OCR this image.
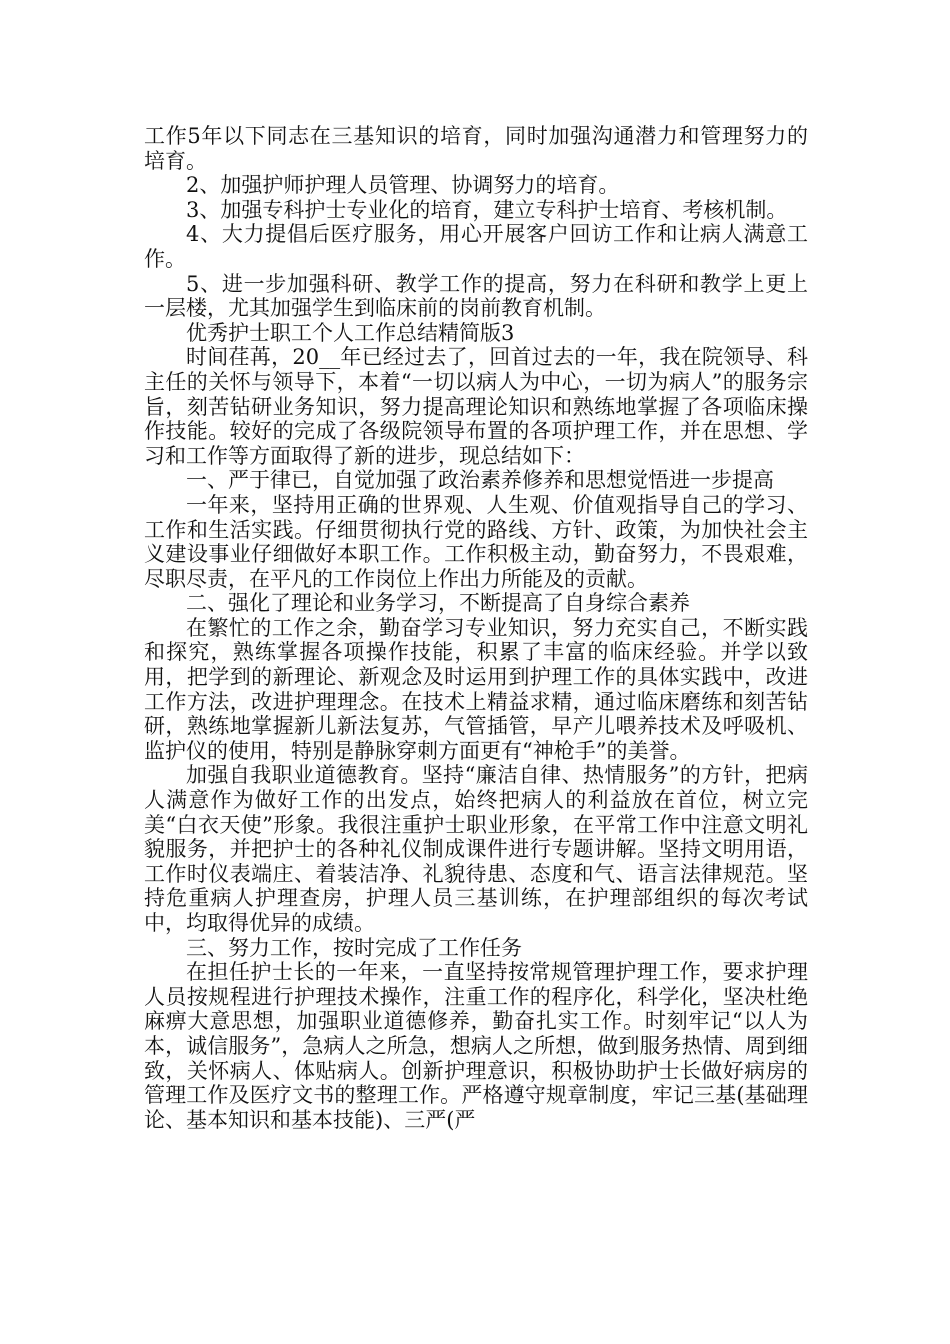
工作5年以下同志在三基知识的培育，同时加强沟通潜力和管理努力的培育。

2、加强护师护理人员管理、协调努力的培育。

3、加强专科护士专业化的培育，建立专科护士培育、考核机制。

4、大力提倡后医疗服务，用心开展客户回访工作和让病人满意工作。

5、进一步加强科研、教学工作的提高，努力在科研和教学上更上一层楼，尤其加强学生到临床前的岗前教育机制。

优秀护士职工个人工作总结精简版3

时间荏苒，20__年已经过去了，回首过去的一年，我在院领导、科主任的关怀与领导下，本着“一切以病人为中心，一切为病人”的服务宗旨，刻苦钻研业务知识，努力提高理论知识和熟练地掌握了各项临床操作技能。较好的完成了各级院领导布置的各项护理工作，并在思想、学习和工作等方面取得了新的进步，现总结如下：

一、严于律已，自觉加强了政治素养修养和思想觉悟进一步提高

一年来，坚持用正确的世界观、人生观、价值观指导自己的学习、工作和生活实践。仔细贯彻执行党的路线、方针、政策，为加快社会主义建设事业仔细做好本职工作。工作积极主动，勤奋努力，不畏艰难，尽职尽责，在平凡的工作岗位上作出力所能及的贡献。

二、强化了理论和业务学习，不断提高了自身综合素养

在繁忙的工作之余，勤奋学习专业知识，努力充实自己，不断实践和探究，熟练掌握各项操作技能，积累了丰富的临床经验。并学以致用，把学到的新理论、新观念及时运用到护理工作的具体实践中，改进工作方法，改进护理理念。在技术上精益求精，通过临床磨练和刻苦钻研，熟练地掌握新儿新法复苏，气管插管，早产儿喂养技术及呼吸机、监护仪的使用，特别是静脉穿刺方面更有“神枪手”的美誉。

加强自我职业道德教育。坚持“廉洁自律、热情服务”的方针，把病人满意作为做好工作的出发点，始终把病人的利益放在首位，树立完美“白衣天使”形象。我很注重护士职业形象，在平常工作中注意文明礼貌服务，并把护士的各种礼仪制成课件进行专题讲解。坚持文明用语，工作时仪表端庄、着装洁净、礼貌待患、态度和气、语言法律规范。坚持危重病人护理查房，护理人员三基训练，在护理部组织的每次考试中，均取得优异的成绩。

三、努力工作，按时完成了工作任务

在担任护士长的一年来，一直坚持按常规管理护理工作，要求护理人员按规程进行护理技术操作，注重工作的程序化，科学化，坚决杜绝麻痹大意思想，加强职业道德修养，勤奋扎实工作。时刻牢记“以人为本，诚信服务”，急病人之所急，想病人之所想，做到服务热情、周到细致，关怀病人、体贴病人。创新护理意识，积极协助护士长做好病房的管理工作及医疗文书的整理工作。严格遵守规章制度，牢记三基(基础理论、基本知识和基本技能)、三严(严
